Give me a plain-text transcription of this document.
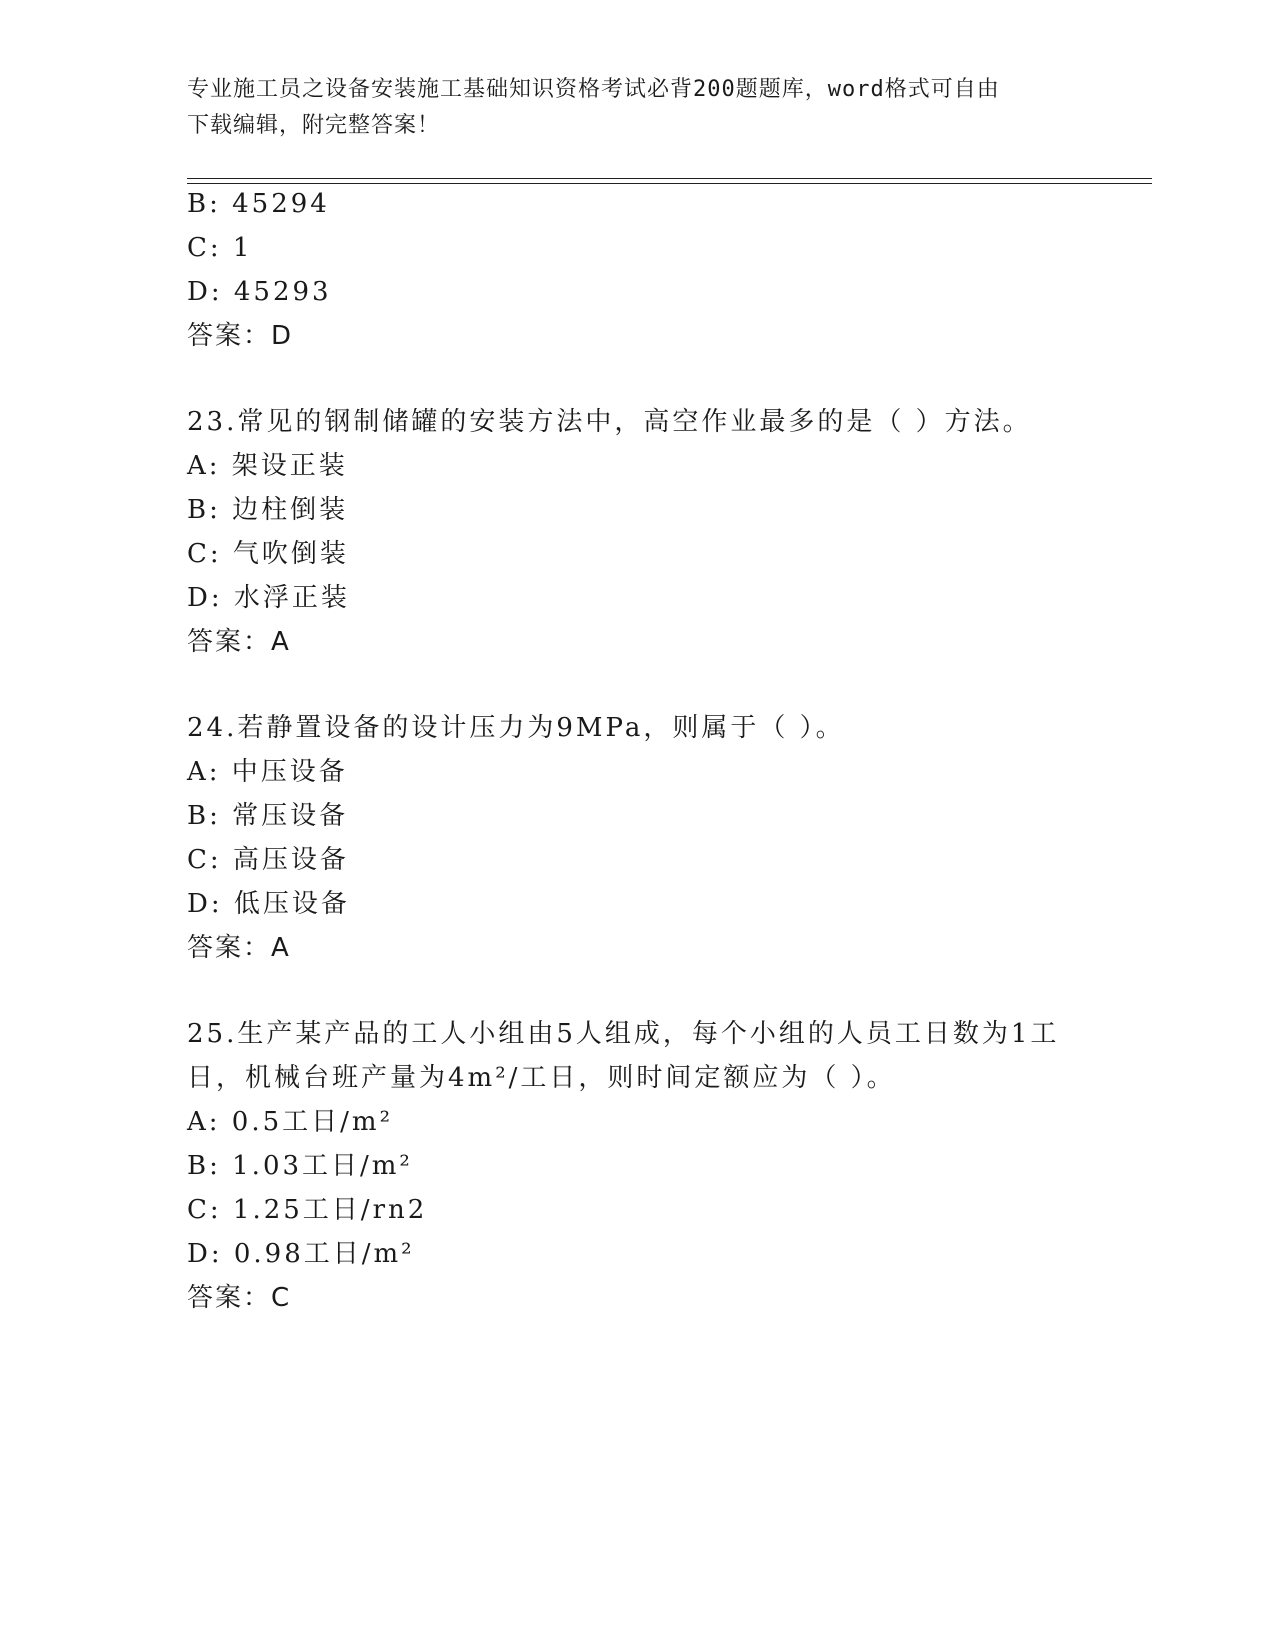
专业施工员之设备安装施工基础知识资格考试必背200题题库，word格式可自由
下载编辑，附完整答案！
B: 45294
C: 1
D: 45293
答案：D
23.常见的钢制储罐的安装方法中，高空作业最多的是（ ）方法。
A: 架设正装
B: 边柱倒装
C: 气吹倒装
D: 水浮正装
答案：A
24.若静置设备的设计压力为9MPa，则属于（ ）。
A: 中压设备
B: 常压设备
C: 高压设备
D: 低压设备
答案：A
25.生产某产品的工人小组由5人组成，每个小组的人员工日数为1工
日，机械台班产量为4m²/工日，则时间定额应为（ ）。
A: 0.5工日/m²
B: 1.03工日/m²
C: 1.25工日/rn2
D: 0.98工日/m²
答案：C
